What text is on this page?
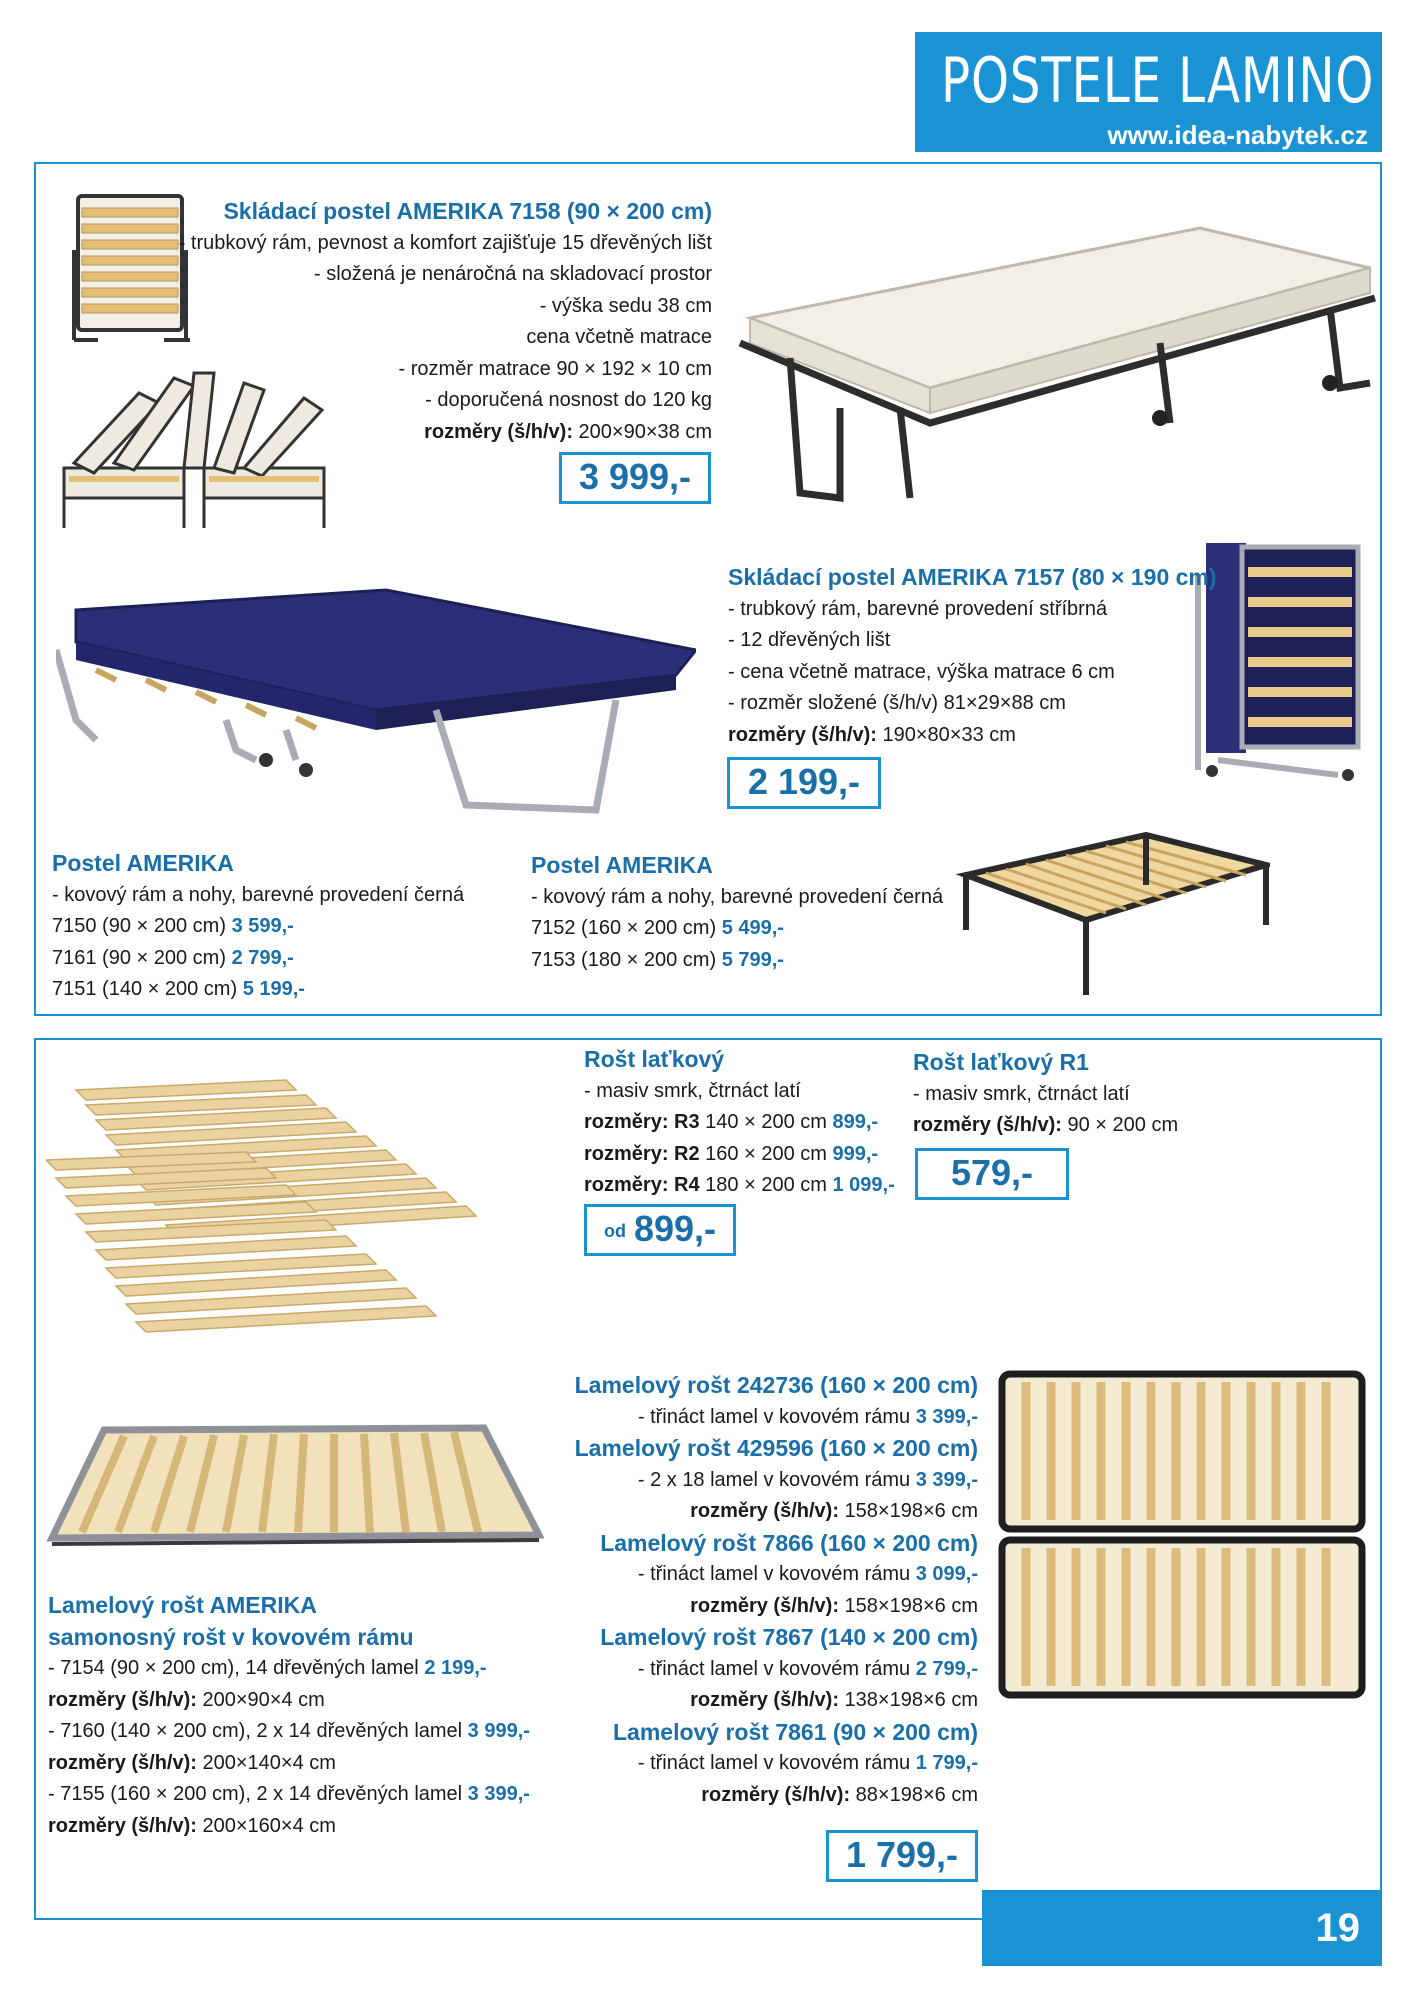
POSTELE LAMINO
www.idea-nabytek.cz
Skládací postel AMERIKA 7158 (90 × 200 cm)
- trubkový rám, pevnost a komfort zajišťuje 15 dřevěných lišt
- složená je nenáročná na skladovací prostor
- výška sedu 38 cm
cena včetně matrace
- rozměr matrace 90 × 192 × 10 cm
- doporučená nosnost do 120 kg
rozměry (š/h/v): 200×90×38 cm
3 999,-
Skládací postel AMERIKA 7157 (80 × 190 cm)
- trubkový rám, barevné provedení stříbrná
- 12 dřevěných lišt
- cena včetně matrace, výška matrace 6 cm
- rozměr složené (š/h/v) 81×29×88 cm
rozměry (š/h/v): 190×80×33 cm
2 199,-
Postel AMERIKA
- kovový rám a nohy, barevné provedení černá
7150 (90 × 200 cm) 3 599,-
7161 (90 × 200 cm) 2 799,-
7151 (140 × 200 cm) 5 199,-
Postel AMERIKA
- kovový rám a nohy, barevné provedení černá
7152 (160 × 200 cm) 5 499,-
7153 (180 × 200 cm) 5 799,-
Rošt laťkový
- masiv smrk, čtrnáct latí
rozměry: R3 140 × 200 cm 899,-
rozměry: R2 160 × 200 cm 999,-
rozměry: R4 180 × 200 cm 1 099,-
od 899,-
Rošt laťkový R1
- masiv smrk, čtrnáct latí
rozměry (š/h/v): 90 × 200 cm
579,-
Lamelový rošt 242736 (160 × 200 cm)
- třináct lamel v kovovém rámu 3 399,-
Lamelový rošt 429596 (160 × 200 cm)
- 2 x 18 lamel v kovovém rámu 3 399,-
rozměry (š/h/v): 158×198×6 cm
Lamelový rošt 7866 (160 × 200 cm)
- třináct lamel v kovovém rámu 3 099,-
rozměry (š/h/v): 158×198×6 cm
Lamelový rošt 7867 (140 × 200 cm)
- třináct lamel v kovovém rámu 2 799,-
rozměry (š/h/v): 138×198×6 cm
Lamelový rošt 7861 (90 × 200 cm)
- třináct lamel v kovovém rámu 1 799,-
rozměry (š/h/v): 88×198×6 cm
1 799,-
Lamelový rošt AMERIKA
samonosný rošt v kovovém rámu
- 7154 (90 × 200 cm), 14 dřevěných lamel 2 199,-
rozměry (š/h/v): 200×90×4 cm
- 7160 (140 × 200 cm), 2 x 14 dřevěných lamel 3 999,-
rozměry (š/h/v): 200×140×4 cm
- 7155 (160 × 200 cm), 2 x 14 dřevěných lamel 3 399,-
rozměry (š/h/v): 200×160×4 cm
19
